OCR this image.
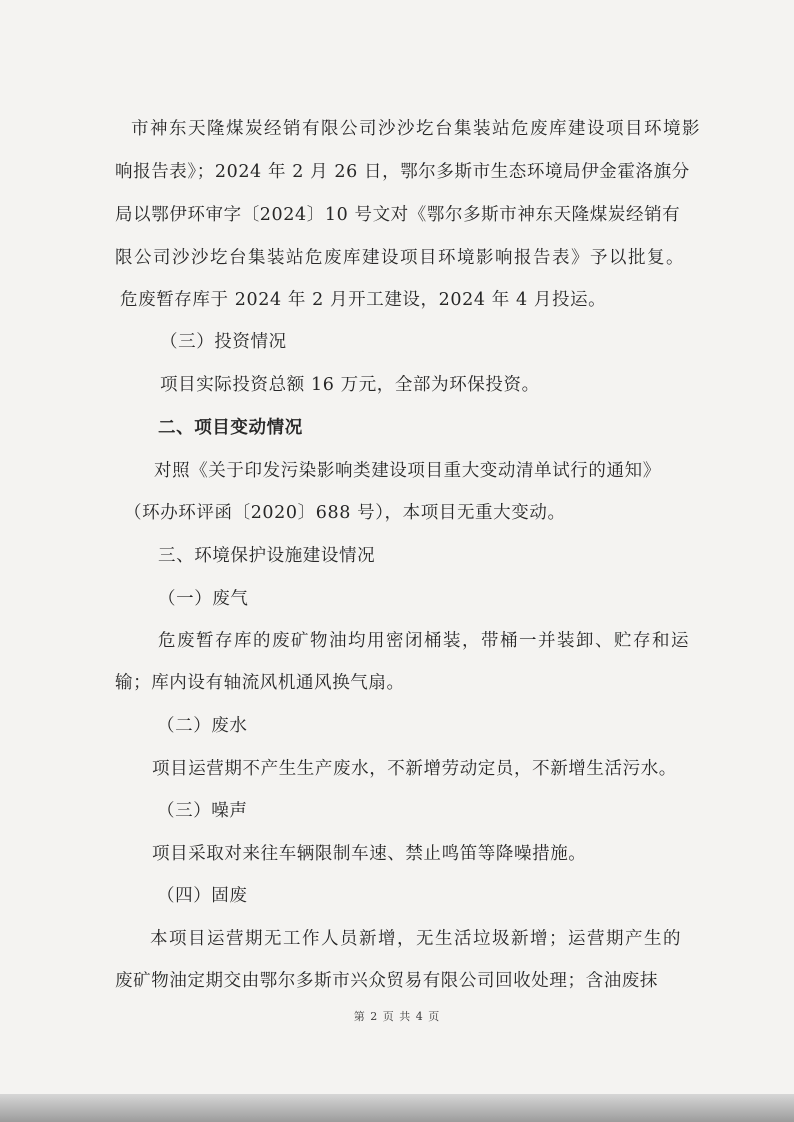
市神东天隆煤炭经销有限公司沙沙圪台集装站危废库建设项目环境影
响报告表》；2024 年 2 月 26 日，鄂尔多斯市生态环境局伊金霍洛旗分
局以鄂伊环审字〔2024〕10 号文对《鄂尔多斯市神东天隆煤炭经销有
限公司沙沙圪台集装站危废库建设项目环境影响报告表》予以批复。
危废暂存库于 2024 年 2 月开工建设，2024 年 4 月投运。
（三）投资情况
项目实际投资总额 16 万元，全部为环保投资。
二、项目变动情况
对照《关于印发污染影响类建设项目重大变动清单试行的通知》
（环办环评函〔2020〕688 号），本项目无重大变动。
三、环境保护设施建设情况
（一）废气
危废暂存库的废矿物油均用密闭桶装，带桶一并装卸、贮存和运
输；库内设有轴流风机通风换气扇。
（二）废水
项目运营期不产生生产废水，不新增劳动定员，不新增生活污水。
（三）噪声
项目采取对来往车辆限制车速、禁止鸣笛等降噪措施。
（四）固废
本项目运营期无工作人员新增，无生活垃圾新增；运营期产生的
废矿物油定期交由鄂尔多斯市兴众贸易有限公司回收处理；含油废抹
第 2 页 共 4 页
